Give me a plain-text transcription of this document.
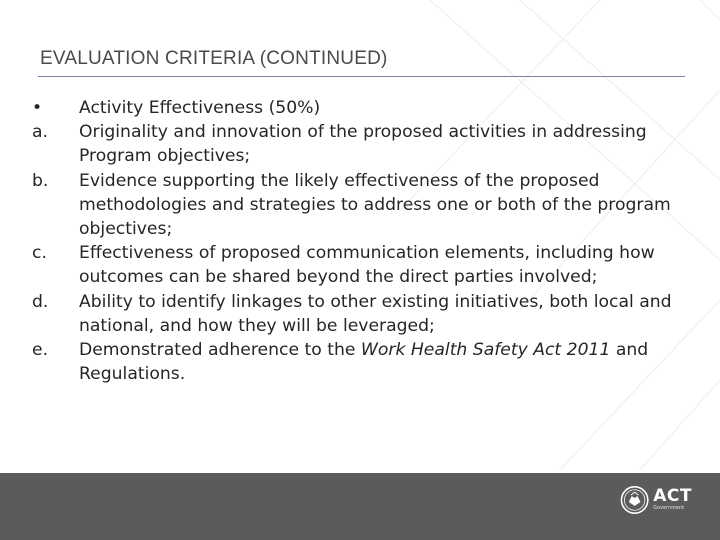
EVALUATION CRITERIA (CONTINUED)
•	Activity Effectiveness (50%)
a.	Originality and innovation of the proposed activities in addressing Program objectives;
b.	Evidence supporting the likely effectiveness of the proposed methodologies and strategies to address one or both of the program objectives;
c.	Effectiveness of proposed communication elements, including how outcomes can be shared beyond the direct parties involved;
d.	Ability to identify linkages to other existing initiatives, both local and national, and how they will be leveraged;
e.	Demonstrated adherence to the Work Health Safety Act 2011 and Regulations.
ACT
Government
